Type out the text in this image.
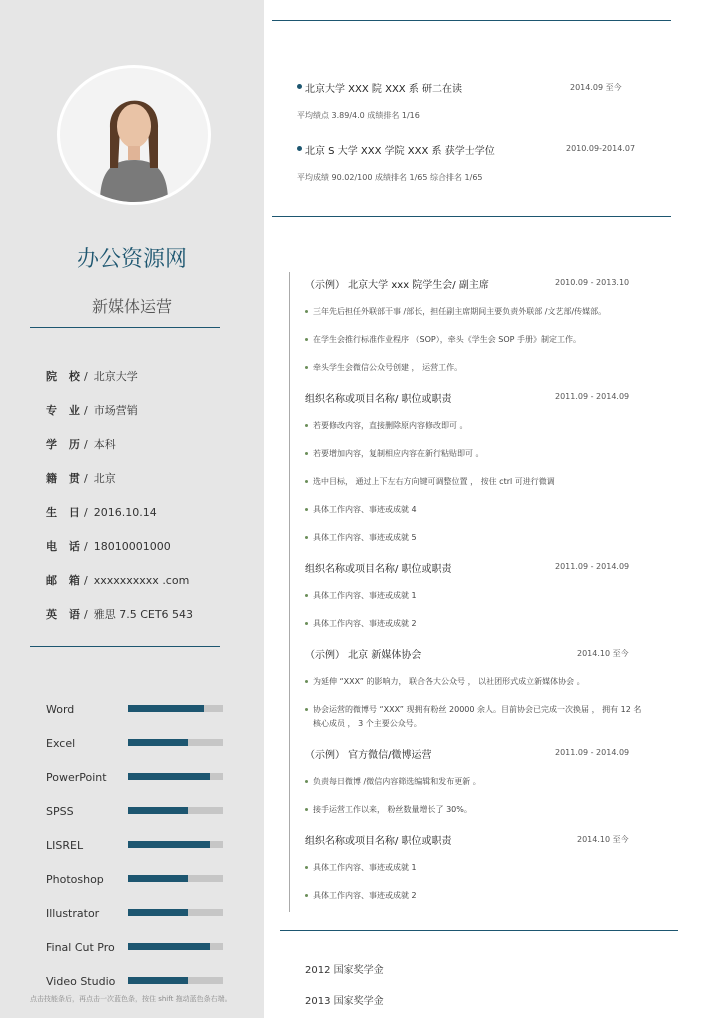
办公资源网
新媒体运营
院 校/ 北京大学
专 业/ 市场营销
学 历/ 本科
籍 贯/ 北京
生 日/ 2016.10.14
电 话/ 18010001000
邮 箱/ xxxxxxxxxx .com
英 语/ 雅思 7.5 CET6 543
Word
Excel
PowerPoint
SPSS
LISREL
Photoshop
Illustrator
Final Cut Pro
Video Studio
点击技能条后，再点击一次蓝色条，按住 shift 拖动蓝色条右端。
北京大学 XXX 院 XXX 系 研二在读	2014.09 至今
平均绩点 3.89/4.0 成绩排名 1/16
北京 S 大学 XXX 学院 XXX 系 获学士学位	2010.09-2014.07
平均成绩 90.02/100 成绩排名 1/65 综合排名 1/65
（示例） 北京大学 xxx 院学生会/ 副主席	2010.09 - 2013.10
三年先后担任外联部干事 /部长，担任副主席期间主要负责外联部 /文艺部/传媒部。
在学生会推行标准作业程序 （SOP），牵头《学生会 SOP 手册》制定工作。
牵头学生会微信公众号创建 ， 运营工作。
组织名称或项目名称/ 职位或职责	2011.09 - 2014.09
若要修改内容，直接删除原内容修改即可 。
若要增加内容，复制相应内容在新行粘贴即可 。
选中目标， 通过上下左右方向键可调整位置 ， 按住 ctrl 可进行微调
具体工作内容、事迹或成就 4
具体工作内容、事迹或成就 5
组织名称或项目名称/ 职位或职责	2011.09 - 2014.09
具体工作内容、事迹或成就 1
具体工作内容、事迹或成就 2
（示例） 北京 新媒体协会	2014.10 至今
为延伸 “XXX” 的影响力， 联合各大公众号 ， 以社团形式成立新媒体协会 。
协会运营的微博号 “XXX” 现拥有粉丝 20000 余人。目前协会已完成一次换届 ， 拥有 12 名
核心成员 ， 3 个主要公众号。
（示例） 官方微信/微博运营	2011.09 - 2014.09
负责每日微博 /微信内容筛选编辑和发布更新 。
接手运营工作以来， 粉丝数量增长了 30%。
组织名称或项目名称/ 职位或职责	2014.10 至今
具体工作内容、事迹或成就 1
具体工作内容、事迹或成就 2
2012 国家奖学金
2013 国家奖学金
